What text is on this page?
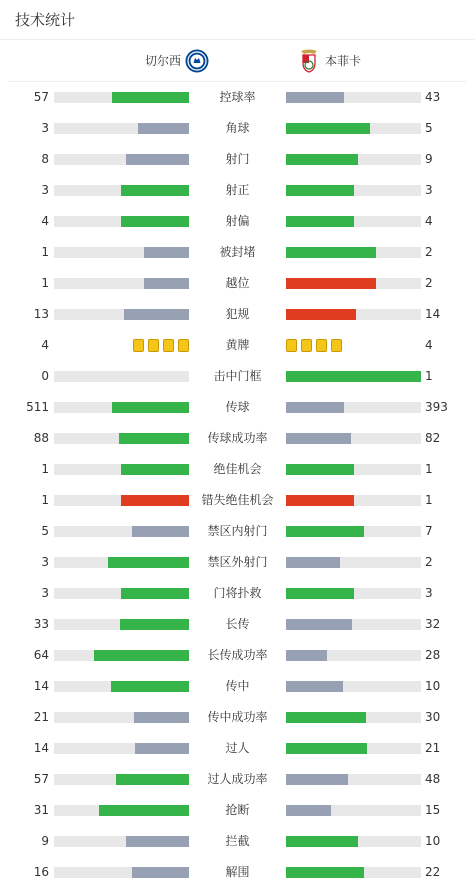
技术统计
切尔西	本菲卡
57	控球率	43
3	角球	5
8	射门	9
3	射正	3
4	射偏	4
1	被封堵	2
1	越位	2
13	犯规	14
4	黄牌	4
0	击中门框	1
511	传球	393
88	传球成功率	82
1	绝佳机会	1
1	错失绝佳机会	1
5	禁区内射门	7
3	禁区外射门	2
3	门将扑救	3
33	长传	32
64	长传成功率	28
14	传中	10
21	传中成功率	30
14	过人	21
57	过人成功率	48
31	抢断	15
9	拦截	10
16	解围	22
